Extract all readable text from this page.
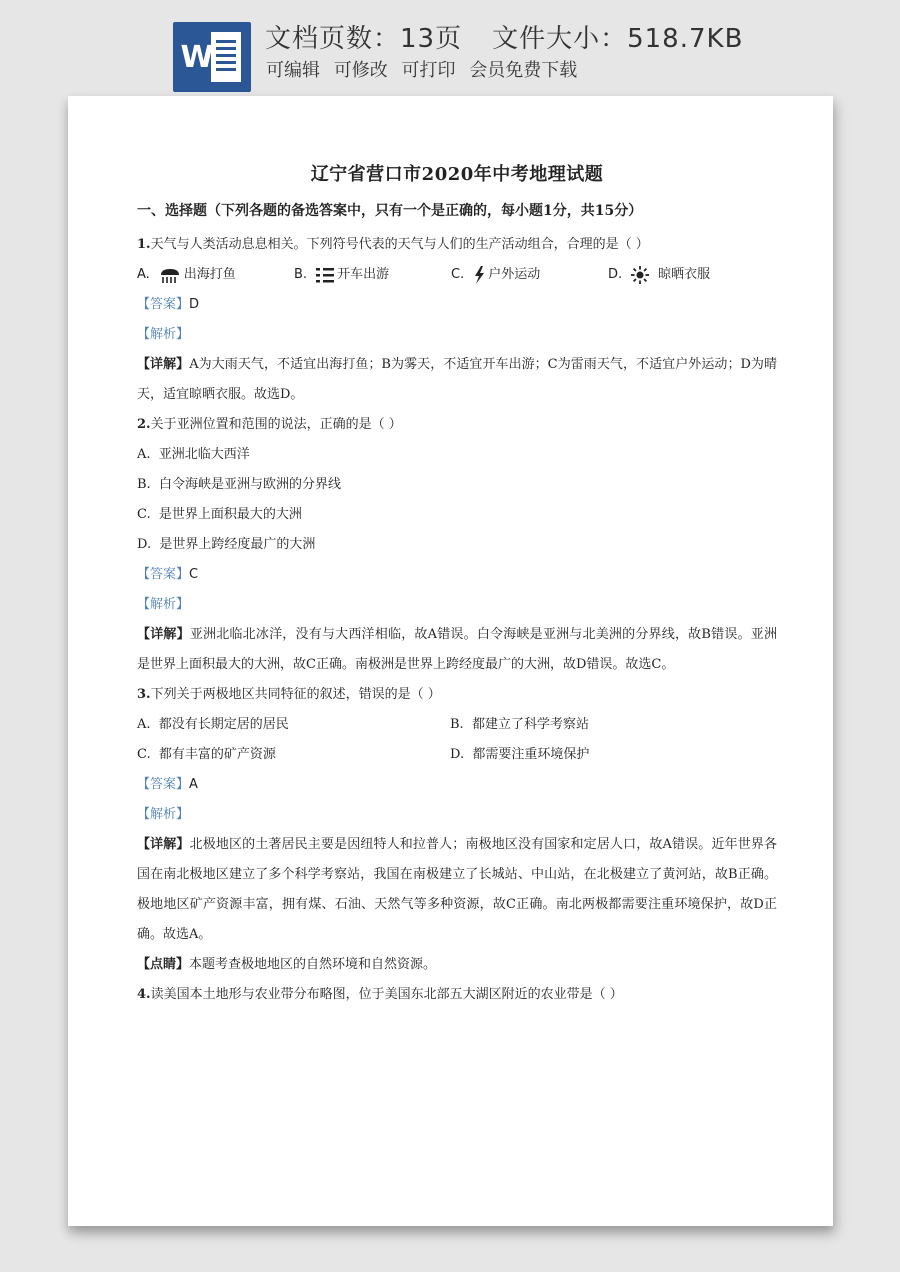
W
文档页数：13页 文件大小：518.7KB
可编辑 可修改 可打印 会员免费下载
辽宁省营口市2020年中考地理试题
一、选择题（下列各题的备选答案中，只有一个是正确的，每小题1分，共15分）
1.天气与人类活动息息相关。下列符号代表的天气与人们的生产活动组合，合理的是（ ）
A.	出海打鱼	B. 开车出游	C. 户外运动	D.	晾晒衣服
【答案】D
【解析】
【详解】A为大雨天气，不适宜出海打鱼；B为雾天，不适宜开车出游；C为雷雨天气，不适宜户外运动；D为晴天，适宜晾晒衣服。故选D。
2.关于亚洲位置和范围的说法，正确的是（ ）
A. 亚洲北临大西洋
B. 白令海峡是亚洲与欧洲的分界线
C. 是世界上面积最大的大洲
D. 是世界上跨经度最广的大洲
【答案】C
【解析】
【详解】亚洲北临北冰洋，没有与大西洋相临，故A错误。白令海峡是亚洲与北美洲的分界线，故B错误。亚洲是世界上面积最大的大洲，故C正确。南极洲是世界上跨经度最广的大洲，故D错误。故选C。
3.下列关于两极地区共同特征的叙述，错误的是（ ）
A. 都没有长期定居的居民	B. 都建立了科学考察站
C. 都有丰富的矿产资源	D. 都需要注重环境保护
【答案】A
【解析】
【详解】北极地区的土著居民主要是因纽特人和拉普人；南极地区没有国家和定居人口，故A错误。近年世界各国在南北极地区建立了多个科学考察站，我国在南极建立了长城站、中山站，在北极建立了黄河站，故B正确。极地地区矿产资源丰富，拥有煤、石油、天然气等多种资源，故C正确。南北两极都需要注重环境保护，故D正确。故选A。
【点睛】本题考查极地地区的自然环境和自然资源。
4.读美国本土地形与农业带分布略图，位于美国东北部五大湖区附近的农业带是（ ）
